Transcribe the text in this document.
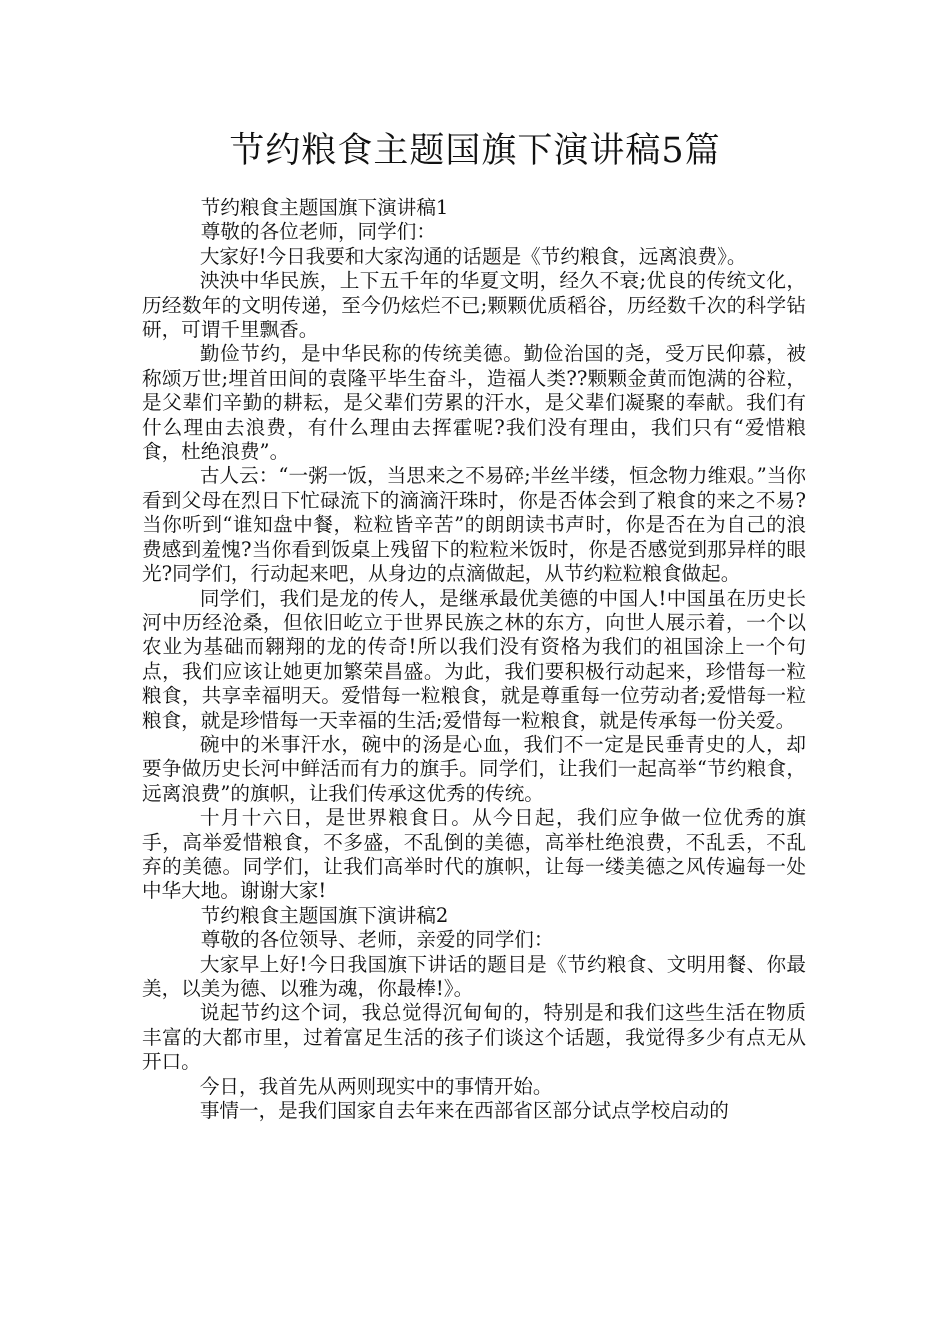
节约粮食主题国旗下演讲稿5篇

节约粮食主题国旗下演讲稿1

尊敬的各位老师，同学们：

大家好!今日我要和大家沟通的话题是《节约粮食，远离浪费》。

泱泱中华民族，上下五千年的华夏文明，经久不衰;优良的传统文化，历经数年的文明传递，至今仍炫烂不已;颗颗优质稻谷，历经数千次的科学钻研，可谓千里飘香。

勤俭节约，是中华民称的传统美德。勤俭治国的尧，受万民仰慕，被称颂万世;埋首田间的袁隆平毕生奋斗，造福人类??颗颗金黄而饱满的谷粒，是父辈们辛勤的耕耘，是父辈们劳累的汗水，是父辈们凝聚的奉献。我们有什么理由去浪费，有什么理由去挥霍呢?我们没有理由，我们只有“爱惜粮食，杜绝浪费”。

古人云：“一粥一饭，当思来之不易碎;半丝半缕，恒念物力维艰。”当你看到父母在烈日下忙碌流下的滴滴汗珠时，你是否体会到了粮食的来之不易?当你听到“谁知盘中餐，粒粒皆辛苦”的朗朗读书声时，你是否在为自己的浪费感到羞愧?当你看到饭桌上残留下的粒粒米饭时，你是否感觉到那异样的眼光?同学们，行动起来吧，从身边的点滴做起，从节约粒粒粮食做起。

同学们，我们是龙的传人，是继承最优美德的中国人!中国虽在历史长河中历经沧桑，但依旧屹立于世界民族之林的东方，向世人展示着，一个以农业为基础而翱翔的龙的传奇!所以我们没有资格为我们的祖国涂上一个句点，我们应该让她更加繁荣昌盛。为此，我们要积极行动起来，珍惜每一粒粮食，共享幸福明天。爱惜每一粒粮食，就是尊重每一位劳动者;爱惜每一粒粮食，就是珍惜每一天幸福的生活;爱惜每一粒粮食，就是传承每一份关爱。

碗中的米事汗水，碗中的汤是心血，我们不一定是民垂青史的人，却要争做历史长河中鲜活而有力的旗手。同学们，让我们一起高举“节约粮食，远离浪费”的旗帜，让我们传承这优秀的传统。

十月十六日，是世界粮食日。从今日起，我们应争做一位优秀的旗手，高举爱惜粮食，不多盛，不乱倒的美德，高举杜绝浪费，不乱丢，不乱弃的美德。同学们，让我们高举时代的旗帜，让每一缕美德之风传遍每一处中华大地。谢谢大家!

节约粮食主题国旗下演讲稿2

尊敬的各位领导、老师，亲爱的同学们：

大家早上好!今日我国旗下讲话的题目是《节约粮食、文明用餐、你最美，以美为德、以雅为魂，你最棒!》。

说起节约这个词，我总觉得沉甸甸的，特别是和我们这些生活在物质丰富的大都市里，过着富足生活的孩子们谈这个话题，我觉得多少有点无从开口。

今日，我首先从两则现实中的事情开始。

事情一，是我们国家自去年来在西部省区部分试点学校启动的
